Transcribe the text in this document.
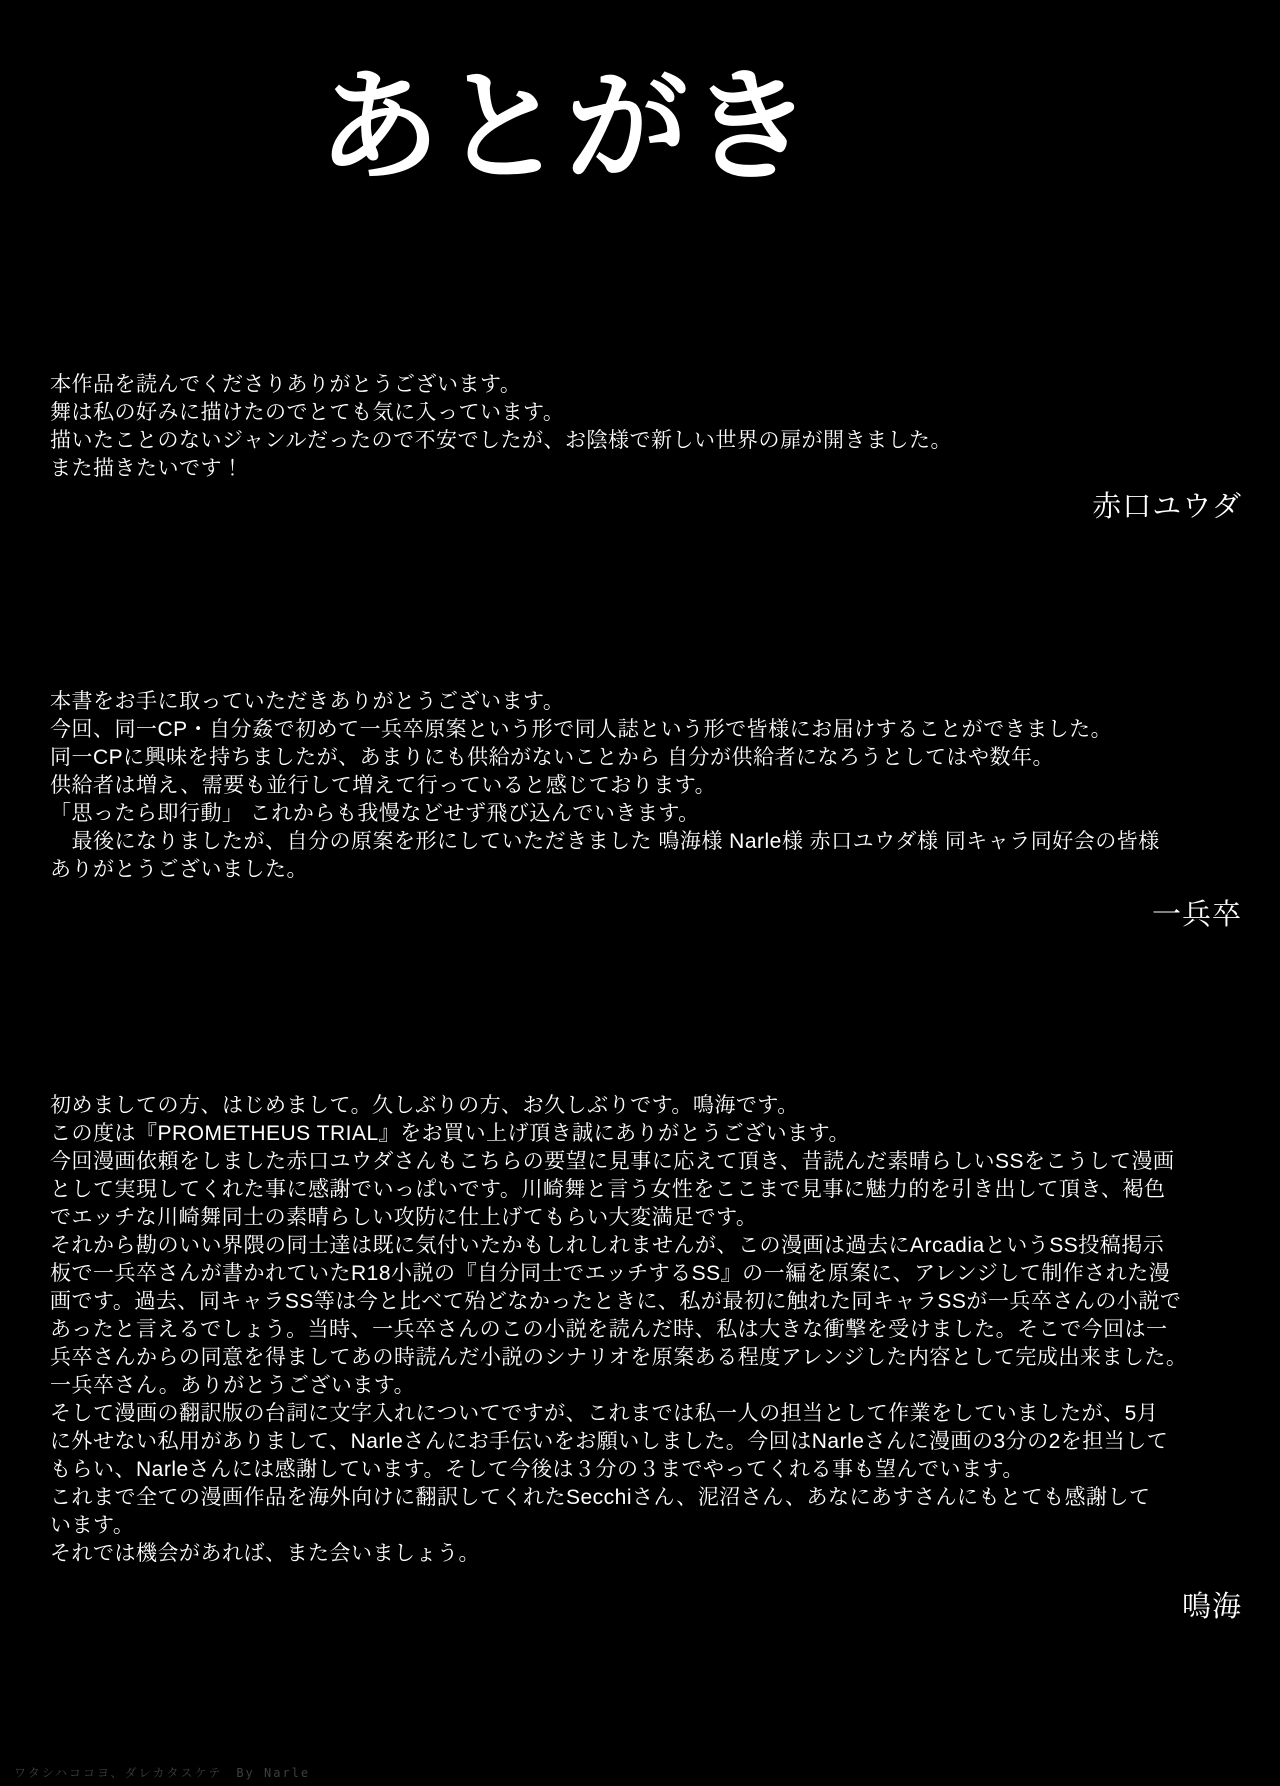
あとがき
本作品を読んでくださりありがとうございます。
舞は私の好みに描けたのでとても気に入っています。
描いたことのないジャンルだったので不安でしたが、お陰様で新しい世界の扉が開きました。
また描きたいです！
赤口ユウダ
本書をお手に取っていただきありがとうございます。
今回、同一CP・自分姦で初めて一兵卒原案という形で同人誌という形で皆様にお届けすることができました。
同一CPに興味を持ちましたが、あまりにも供給がないことから 自分が供給者になろうとしてはや数年。
供給者は増え、需要も並行して増えて行っていると感じております。
「思ったら即行動」 これからも我慢などせず飛び込んでいきます。
　最後になりましたが、自分の原案を形にしていただきました 鳴海様 Narle様 赤口ユウダ様 同キャラ同好会の皆様
ありがとうございました。
一兵卒
初めましての方、はじめまして。久しぶりの方、お久しぶりです。鳴海です。
この度は『PROMETHEUS TRIAL』をお買い上げ頂き誠にありがとうございます。
今回漫画依頼をしました赤口ユウダさんもこちらの要望に見事に応えて頂き、昔読んだ素晴らしいSSをこうして漫画
として実現してくれた事に感謝でいっぱいです。川崎舞と言う女性をここまで見事に魅力的を引き出して頂き、褐色
でエッチな川崎舞同士の素晴らしい攻防に仕上げてもらい大変満足です。
それから勘のいい界隈の同士達は既に気付いたかもしれしれませんが、この漫画は過去にArcadiaというSS投稿掲示
板で一兵卒さんが書かれていたR18小説の『自分同士でエッチするSS』の一編を原案に、アレンジして制作された漫
画です。過去、同キャラSS等は今と比べて殆どなかったときに、私が最初に触れた同キャラSSが一兵卒さんの小説で
あったと言えるでしょう。当時、一兵卒さんのこの小説を読んだ時、私は大きな衝撃を受けました。そこで今回は一
兵卒さんからの同意を得ましてあの時読んだ小説のシナリオを原案ある程度アレンジした内容として完成出来ました。
一兵卒さん。ありがとうございます。
そして漫画の翻訳版の台詞に文字入れについてですが、これまでは私一人の担当として作業をしていましたが、5月
に外せない私用がありまして、Narleさんにお手伝いをお願いしました。今回はNarleさんに漫画の3分の2を担当して
もらい、Narleさんには感謝しています。そして今後は３分の３までやってくれる事も望んでいます。
これまで全ての漫画作品を海外向けに翻訳してくれたSecchiさん、泥沼さん、あなにあすさんにもとても感謝して
います。
それでは機会があれば、また会いましょう。
鳴海
ワタシハココヨ、ダレカタスケテ　By Narle
